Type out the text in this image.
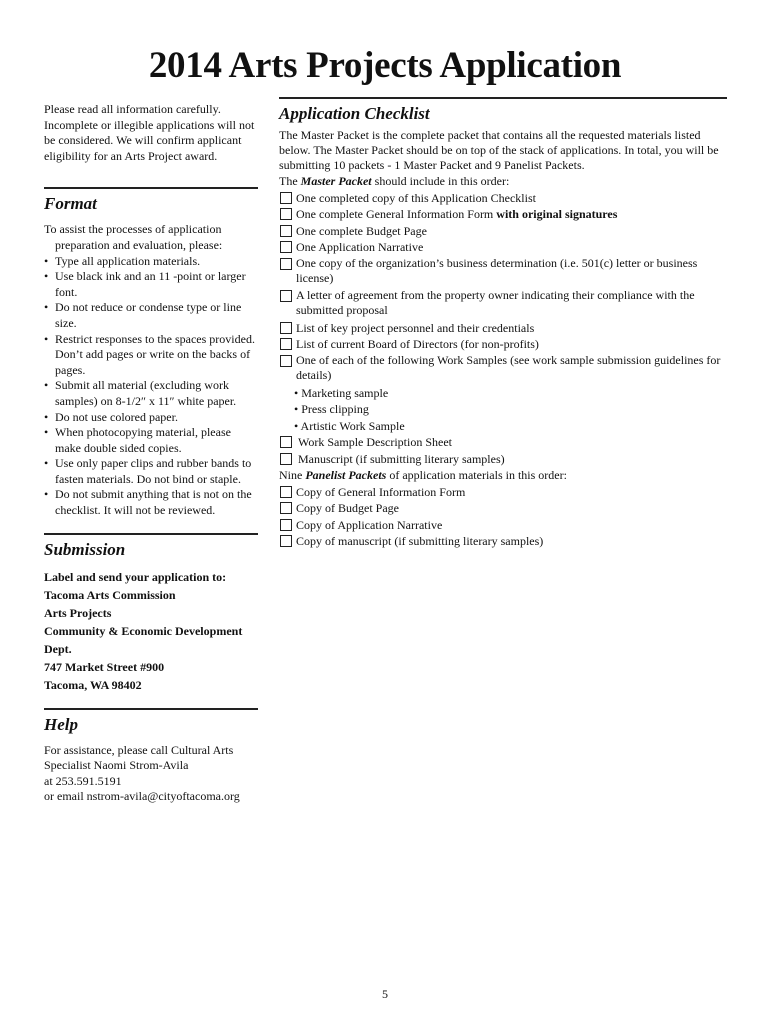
2014 Arts Projects Application

Please read all information carefully. Incomplete or illegible applications will not be considered. We will confirm applicant eligibility for an Arts Project award.

Format
To assist the processes of application preparation and evaluation, please:
• Type all application materials.
• Use black ink and an 11 -point or larger font.
• Do not reduce or condense type or line size.
• Restrict responses to the spaces provided. Don’t add pages or write on the backs of pages.
• Submit all material (excluding work samples) on 8-1/2″ x 11″ white paper.
• Do not use colored paper.
• When photocopying material, please make double sided copies.
• Use only paper clips and rubber bands to fasten materials. Do not bind or staple.
• Do not submit anything that is not on the checklist. It will not be reviewed.
Submission

Label and send your application to:

Tacoma Arts Commission

Arts Projects

Community & Economic Development Dept.

747 Market Street #900

Tacoma, WA 98402

Help

For assistance, please call Cultural Arts Specialist Naomi Strom-Avila

at 253.591.5191

or email nstrom-avila@cityoftacoma.org

Application Checklist

The Master Packet is the complete packet that contains all the requested materials listed below. The Master Packet should be on top of the stack of applications. In total, you will be submitting 10 packets - 1 Master Packet and 9 Panelist Packets.

The Master Packet should include in this order:

One completed copy of this Application Checklist
One complete General Information Form with original signatures
One complete Budget Page
One Application Narrative
One copy of the organization’s business determination (i.e. 501(c) letter or business license)
A letter of agreement from the property owner indicating their compliance with the submitted proposal
List of key project personnel and their credentials
List of current Board of Directors (for non-profits)
One of each of the following Work Samples (see work sample submission guidelines for details)
• Marketing sample
• Press clipping
• Artistic Work Sample
Work Sample Description Sheet
Manuscript (if submitting literary samples)

Nine Panelist Packets of application materials in this order:

Copy of General Information Form
Copy of Budget Page
Copy of Application Narrative
Copy of manuscript (if submitting literary samples)
5
